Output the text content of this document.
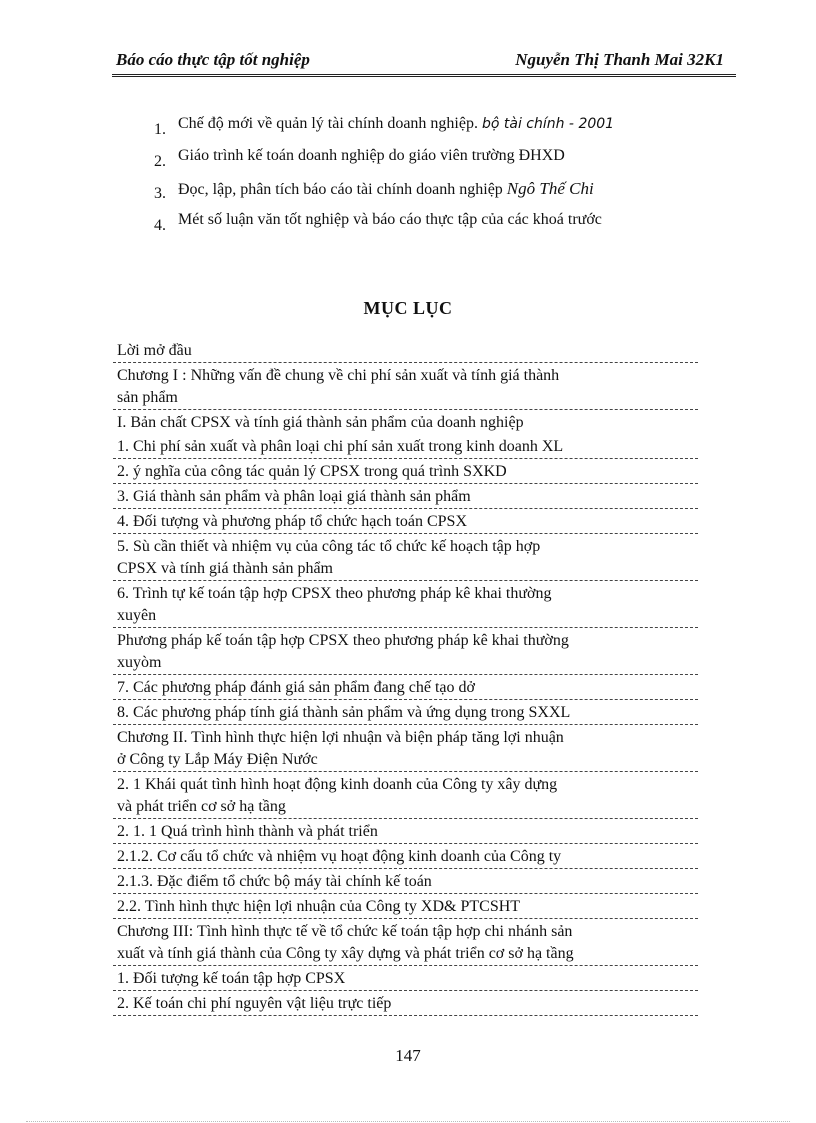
Báo cáo thực tập tốt nghiệp	Nguyễn Thị Thanh Mai 32K1
1. Chế độ mới về quản lý tài chính doanh nghiệp. bộ tài chính - 2001
2. Giáo trình kế toán doanh nghiệp do giáo viên trường ĐHXD
3. Đọc, lập, phân tích báo cáo tài chính doanh nghiệp Ngô Thế Chi
4. Mét số luận văn tốt nghiệp và báo cáo thực tập của các khoá trước
MỤC LỤC
Lời mở đầu
Chương I : Những vấn đề chung về chi phí sản xuất và tính giá thành
sản phẩm
I. Bản chất CPSX và tính giá thành sản phẩm của doanh nghiệp
1. Chi phí sản xuất và phân loại chi phí sản xuất trong kinh doanh XL
2. ý nghĩa của công tác quản lý CPSX trong quá trình SXKD
3. Giá thành sản phẩm và phân loại giá thành sản phẩm
4. Đối tượng và phương pháp tổ chức hạch toán CPSX
5. Sù cần thiết và nhiệm vụ của công tác tổ chức kế hoạch tập hợp
CPSX và tính giá thành sản phẩm
6. Trình tự kế toán tập hợp CPSX theo phương pháp kê khai thường
xuyên
Phương pháp kế toán tập hợp CPSX theo phương pháp kê khai thường
xuyòm
7. Các phương pháp đánh giá sản phẩm đang chế tạo dở
8. Các phương pháp tính giá thành sản phẩm và ứng dụng trong SXXL
Chương II. Tình hình thực hiện lợi nhuận và biện pháp tăng lợi nhuận
ở Công ty Lắp Máy Điện Nước
2. 1 Khái quát tình hình hoạt động kinh doanh của Công ty xây dựng
và phát triển cơ sở hạ tầng
2. 1. 1 Quá trình hình thành và phát triển
2.1.2. Cơ cấu tổ chức và nhiệm vụ hoạt động kinh doanh của Công ty
2.1.3. Đặc điểm tổ chức bộ máy tài chính kế toán
2.2. Tình hình thực hiện lợi nhuận của Công ty XD& PTCSHT
Chương III: Tình hình thực tế về tổ chức kế toán tập hợp chi nhánh sản
xuất và tính giá thành của Công ty xây dựng và phát triển cơ sở hạ tầng
1. Đối tượng kế toán tập hợp CPSX
2. Kế toán chi phí nguyên vật liệu trực tiếp
147
